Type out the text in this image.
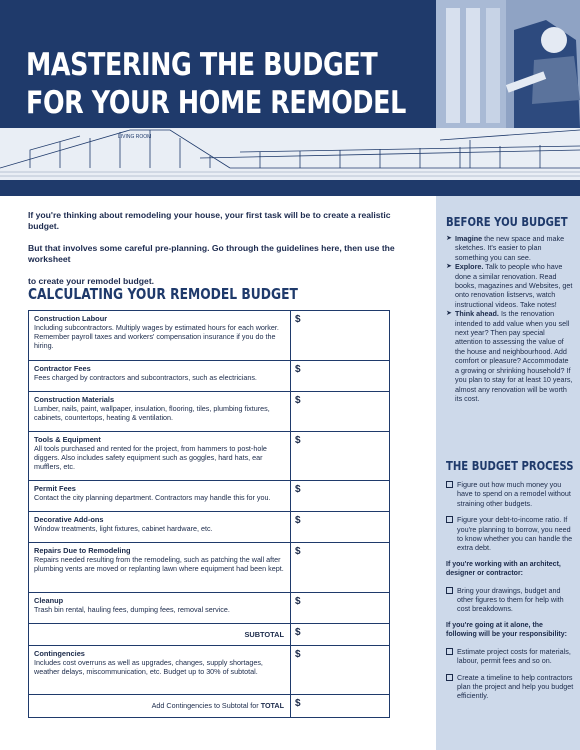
MASTERING THE BUDGET
FOR YOUR HOME REMODEL
LIVING ROOM

If you're thinking about remodeling your house, your first task will be to create a realistic budget.

But that involves some careful pre-planning. Go through the guidelines here, then use the worksheet

to create your remodel budget.

CALCULATING YOUR REMODEL BUDGET
Construction Labour
Including subcontractors. Multiply wages by estimated hours for each worker. Remember payroll taxes and workers' compensation insurance if you do the hiring.
$
Contractor Fees
Fees charged by contractors and subcontractors, such as electricians.
$
Construction Materials
Lumber, nails, paint, wallpaper, insulation, flooring, tiles, plumbing fixtures, cabinets, countertops, heating & ventilation.
$
Tools & Equipment
All tools purchased and rented for the project, from hammers to post-hole diggers. Also includes safety equipment such as goggles, hard hats, ear mufflers, etc.
$
Permit Fees
Contact the city planning department. Contractors may handle this for you.
$
Decorative Add-ons
Window treatments, light fixtures, cabinet hardware, etc.
$
Repairs Due to Remodeling
Repairs needed resulting from the remodeling, such as patching the wall after plumbing vents are moved or replanting lawn where equipment had been kept.
$
Cleanup
Trash bin rental, hauling fees, dumping fees, removal service.
$
SUBTOTAL	$
Contingencies
Includes cost overruns as well as upgrades, changes, supply shortages, weather delays, miscommunication, etc. Budget up to 30% of subtotal.
$
Add Contingencies to Subtotal for TOTAL	$
BEFORE YOU BUDGET
➤ Imagine the new space and make sketches. It's easier to plan something you can see.
➤ Explore. Talk to people who have done a similar renovation. Read books, magazines and Websites, get onto renovation listservs, watch instructional videos. Take notes!
➤ Think ahead. Is the renovation intended to add value when you sell next year? Then pay special attention to assessing the value of the house and neighbourhood. Add comfort or pleasure? Accommodate a growing or shrinking household? If you plan to stay for at least 10 years, almost any renovation will be worth its cost.
THE BUDGET PROCESS
Figure out how much money you have to spend on a remodel without straining other budgets.
Figure your debt-to-income ratio. If you're planning to borrow, you need to know whether you can handle the extra debt.
If you're working with an architect, designer or contractor:
Bring your drawings, budget and other figures to them for help with cost breakdowns.
If you're going at it alone, the following will be your responsibility:
Estimate project costs for materials, labour, permit fees and so on.
Create a timeline to help contractors plan the project and help you budget efficiently.
